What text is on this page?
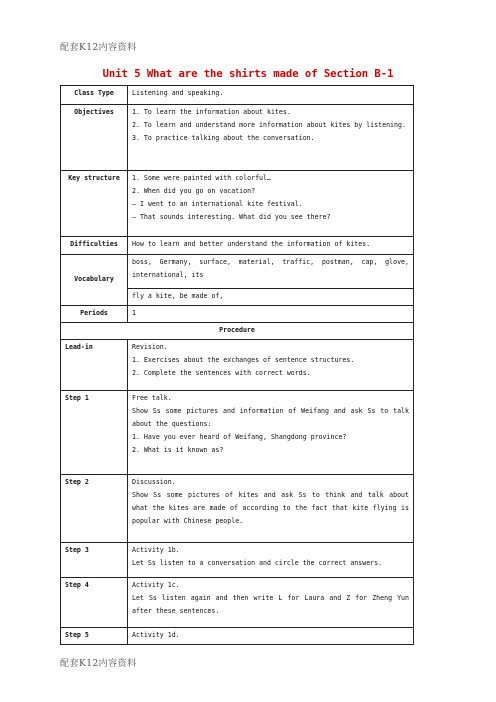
配套K12内容资料
Unit 5 What are the shirts made of Section B-1
Class Type	Listening and speaking.
Objectives	1. To learn the information about kites.
2. To learn and understand more information about kites by listening.
3. To practice talking about the conversation.

Key structure	1. Some were painted with colorful…
2. When did you go on vacation?
— I went to an international kite festival.
— That sounds interesting. What did you see there?

Difficulties	How to learn and better understand the information of kites.
Vocabulary	boss, Germany, surface, material, traffic, postman, cap, glove, international, its
	fly a kite, be made of,
Periods	1
Procedure	
Lead-in	Revision.
1. Exercises about the exchanges of sentence structures.
2. Complete the sentences with correct words.

Step 1	Free talk.
Show Ss some pictures and information of Weifang and ask Ss to talk about the questions:
1. Have you ever heard of Weifang, Shangdong province?
2. What is it known as?

Step 2	Discussion.
Show Ss some pictures of kites and ask Ss to think and talk about what the kites are made of according to the fact that kite flying is popular with Chinese people.

Step 3	Activity 1b.
Let Ss listen to a conversation and circle the correct answers.

Step 4	Activity 1c.
Let Ss listen again and then write L for Laura and Z for Zheng Yun after these sentences.

Step 5	Activity 1d.
配套K12内容资料
